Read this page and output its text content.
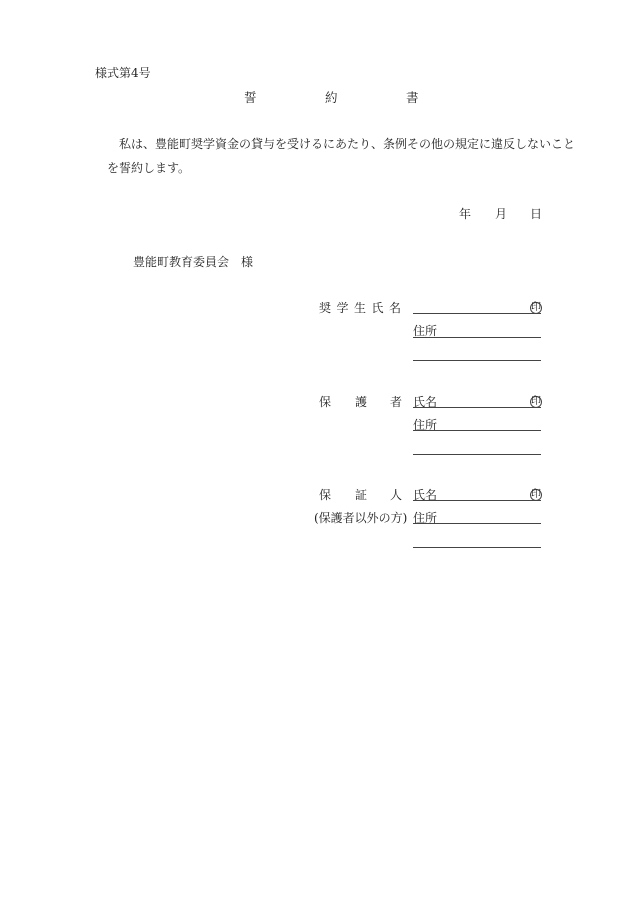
様式第4号
誓	約	書
私は、豊能町奨学資金の貸与を受けるにあたり、条例その他の規定に違反しないこと
を誓約します。
年 月 日
豊能町教育委員会　様
奨学生氏名	印
住所
保 護 者 氏名	印
住所
保 証 人
(保護者以外の方)
氏名	印
住所
